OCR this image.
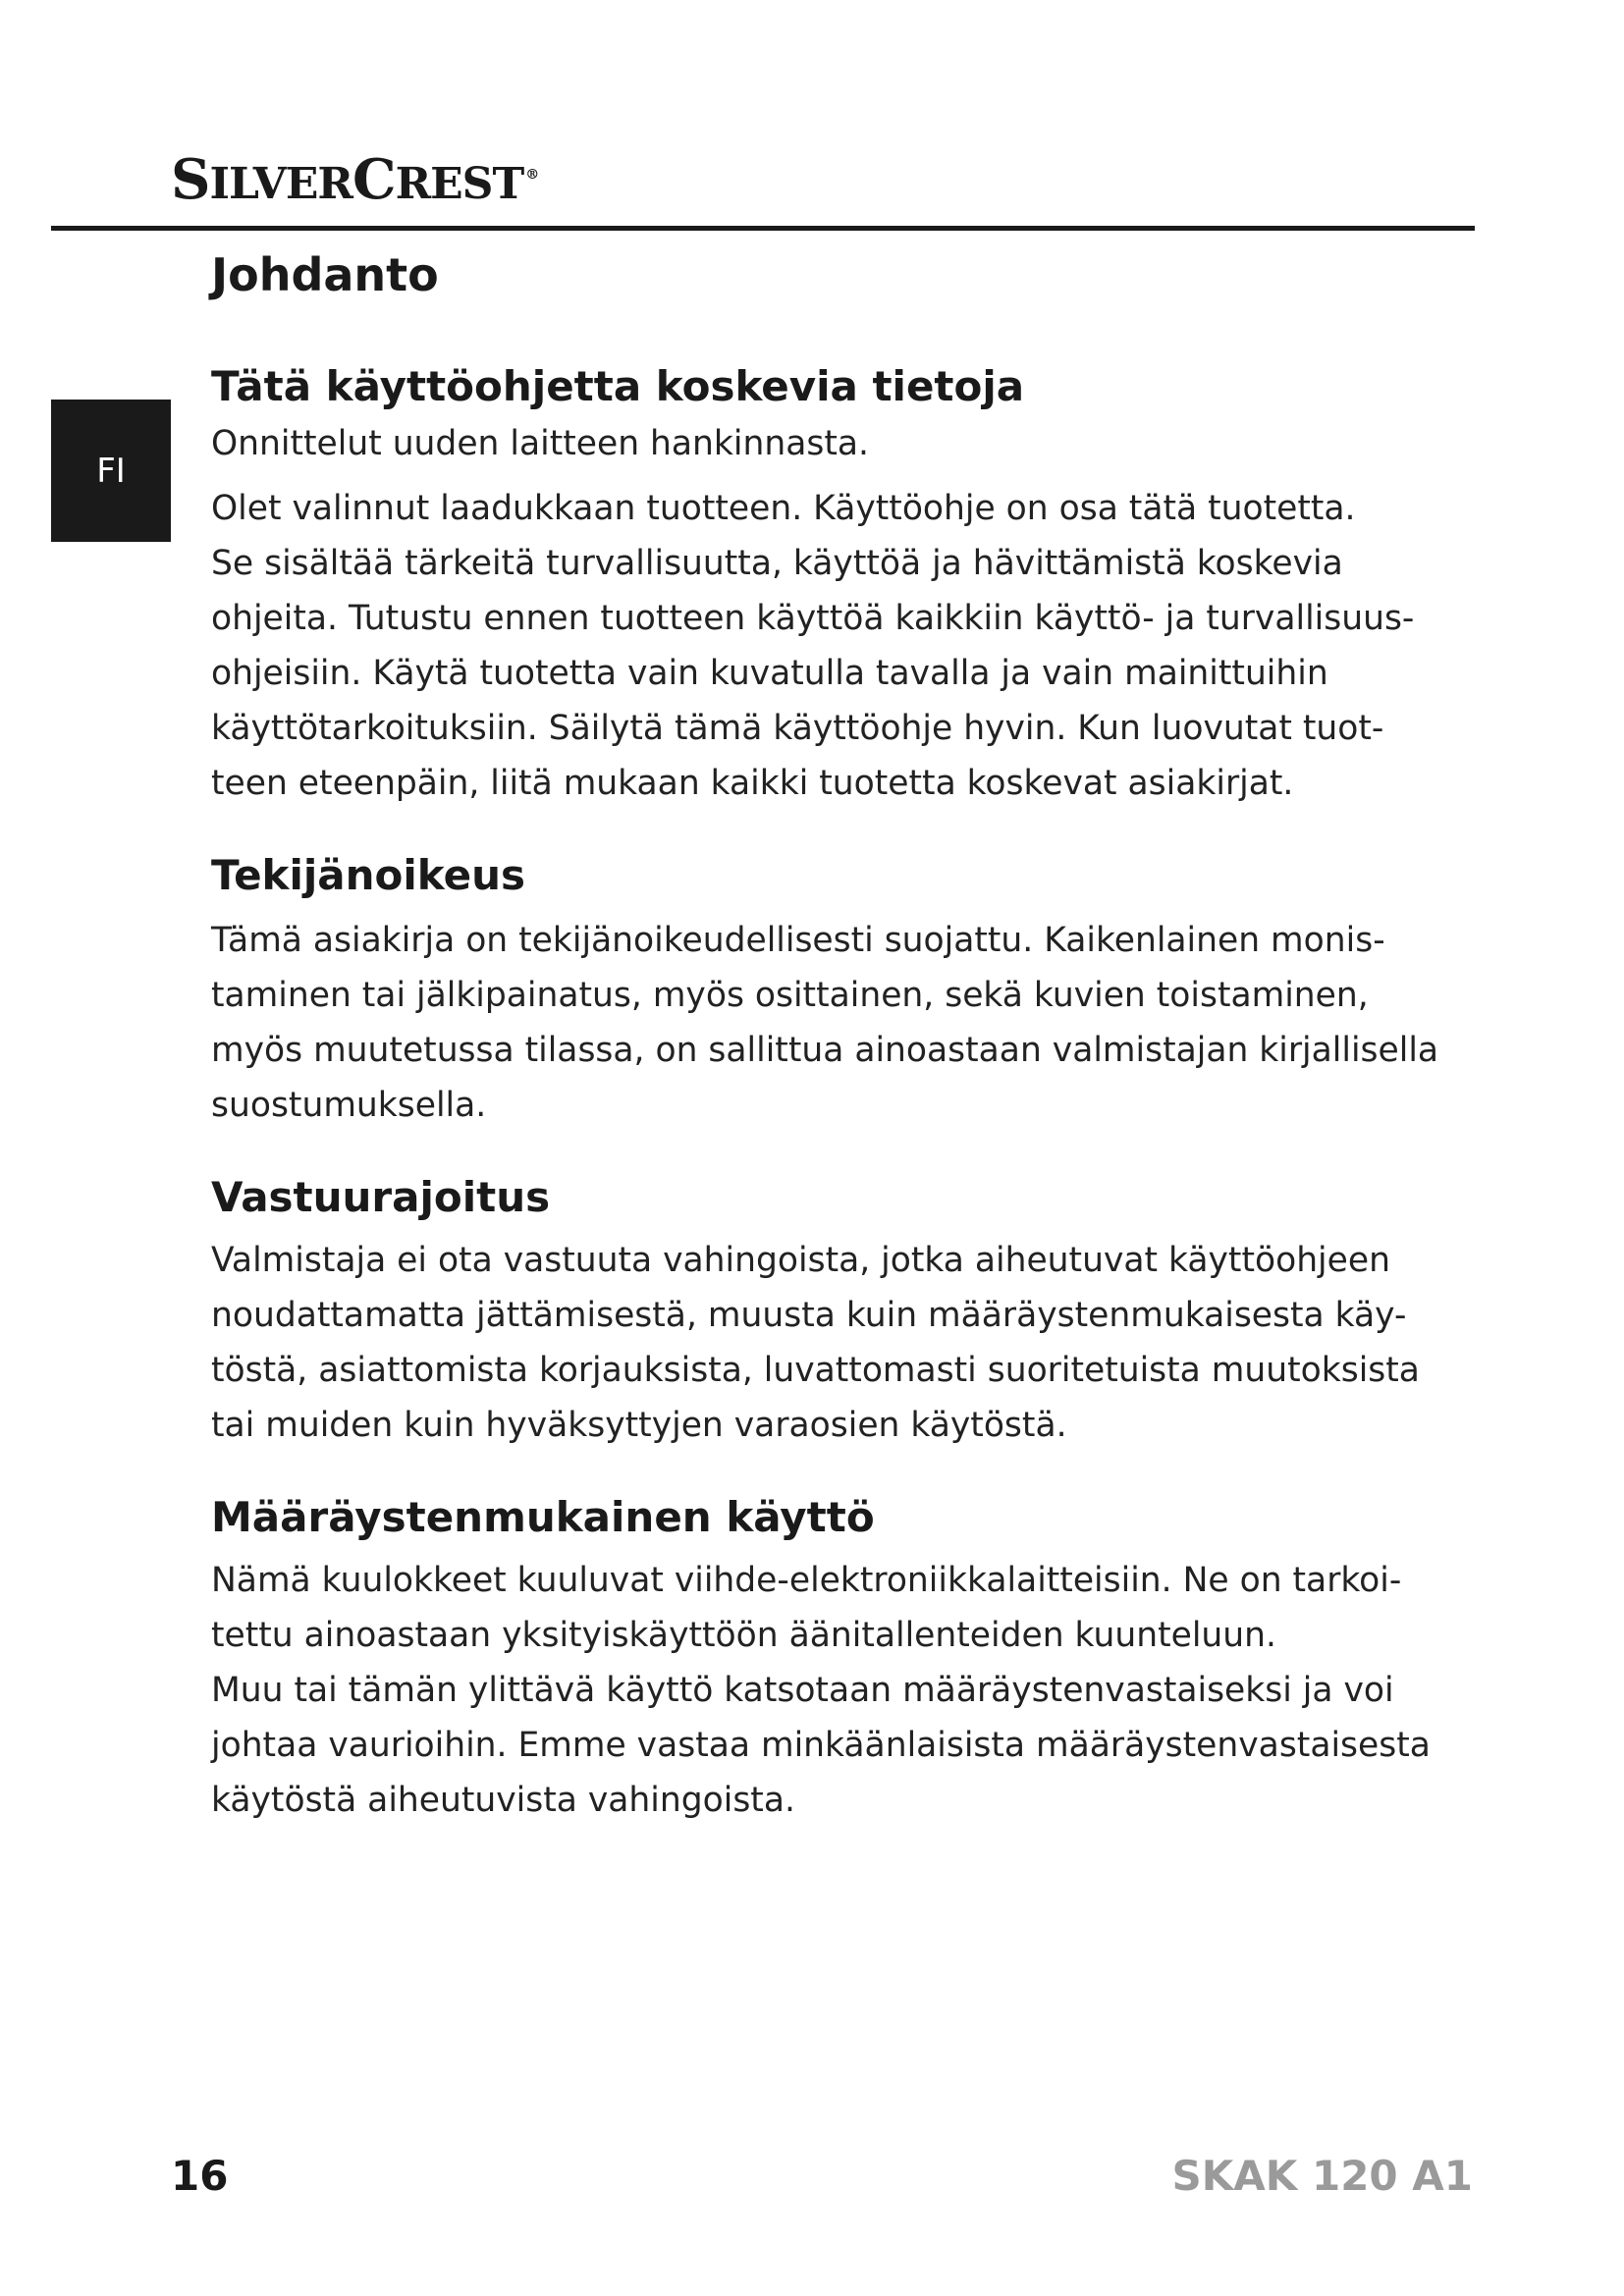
SILVERCREST ®
FI
Johdanto
Tätä käyttöohjetta koskevia tietoja

Onnittelut uuden laitteen hankinnasta.

Olet valinnut laadukkaan tuotteen. Käyttöohje on osa tätä tuotetta.
Se sisältää tärkeitä turvallisuutta, käyttöä ja hävittämistä koskevia
ohjeita. Tutustu ennen tuotteen käyttöä kaikkiin käyttö- ja turvallisuus-
ohjeisiin. Käytä tuotetta vain kuvatulla tavalla ja vain mainittuihin
käyttötarkoituksiin. Säilytä tämä käyttöohje hyvin. Kun luovutat tuot-
teen eteenpäin, liitä mukaan kaikki tuotetta koskevat asiakirjat.

Tekijänoikeus

Tämä asiakirja on tekijänoikeudellisesti suojattu. Kaikenlainen monis-
taminen tai jälkipainatus, myös osittainen, sekä kuvien toistaminen,
myös muutetussa tilassa, on sallittua ainoastaan valmistajan kirjallisella
suostumuksella.

Vastuurajoitus

Valmistaja ei ota vastuuta vahingoista, jotka aiheutuvat käyttöohjeen
noudattamatta jättämisestä, muusta kuin määräystenmukaisesta käy-
töstä, asiattomista korjauksista, luvattomasti suoritetuista muutoksista
tai muiden kuin hyväksyttyjen varaosien käytöstä.

Määräystenmukainen käyttö

Nämä kuulokkeet kuuluvat viihde-elektroniikkalaitteisiin. Ne on tarkoi-
tettu ainoastaan yksityiskäyttöön äänitallenteiden kuunteluun.
Muu tai tämän ylittävä käyttö katsotaan määräystenvastaiseksi ja voi
johtaa vaurioihin. Emme vastaa minkäänlaisista määräystenvastaisesta
käytöstä aiheutuvista vahingoista.

16	SKAK 120 A1
